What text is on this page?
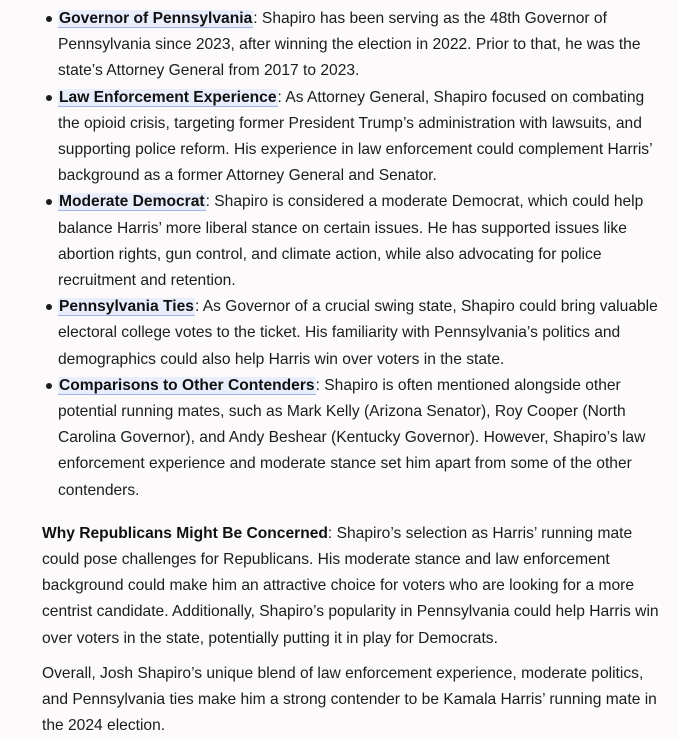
Governor of Pennsylvania: Shapiro has been serving as the 48th Governor of Pennsylvania since 2023, after winning the election in 2022. Prior to that, he was the state’s Attorney General from 2017 to 2023.
Law Enforcement Experience: As Attorney General, Shapiro focused on combating the opioid crisis, targeting former President Trump’s administration with lawsuits, and supporting police reform. His experience in law enforcement could complement Harris’ background as a former Attorney General and Senator.
Moderate Democrat: Shapiro is considered a moderate Democrat, which could help balance Harris’ more liberal stance on certain issues. He has supported issues like abortion rights, gun control, and climate action, while also advocating for police recruitment and retention.
Pennsylvania Ties: As Governor of a crucial swing state, Shapiro could bring valuable electoral college votes to the ticket. His familiarity with Pennsylvania’s politics and demographics could also help Harris win over voters in the state.
Comparisons to Other Contenders: Shapiro is often mentioned alongside other potential running mates, such as Mark Kelly (Arizona Senator), Roy Cooper (North Carolina Governor), and Andy Beshear (Kentucky Governor). However, Shapiro’s law enforcement experience and moderate stance set him apart from some of the other contenders.

Why Republicans Might Be Concerned: Shapiro’s selection as Harris’ running mate could pose challenges for Republicans. His moderate stance and law enforcement background could make him an attractive choice for voters who are looking for a more centrist candidate. Additionally, Shapiro’s popularity in Pennsylvania could help Harris win over voters in the state, potentially putting it in play for Democrats.

Overall, Josh Shapiro’s unique blend of law enforcement experience, moderate politics, and Pennsylvania ties make him a strong contender to be Kamala Harris’ running mate in the 2024 election.
